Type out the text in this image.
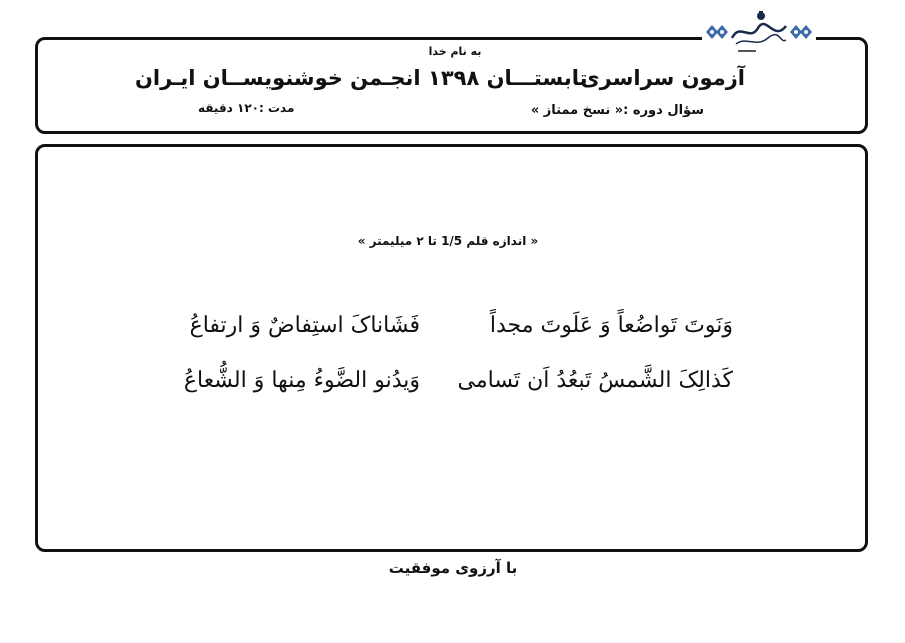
به نام خدا
آزمون سراسری
تابستـــان ۱۳۹۸
انجـمن خوشنویســان ایـران
سؤال دوره :« نسخ ممتاز »
مدت :۱۲۰ دقیقه
« اندازه قلم 1/5 تا ۲ میلیمتر »
وَنَوتَ تَواضُعاً وَ عَلَوتَ مجداً
فَشَاناکَ استِفاضٌ وَ ارتفاعُ
کَذالِکَ الشَّمسُ تَبعُدُ اَن تَسامی
وَیدُنو الضَّوءُ مِنها وَ الشُّعاعُ
با آرزوی موفقیت
